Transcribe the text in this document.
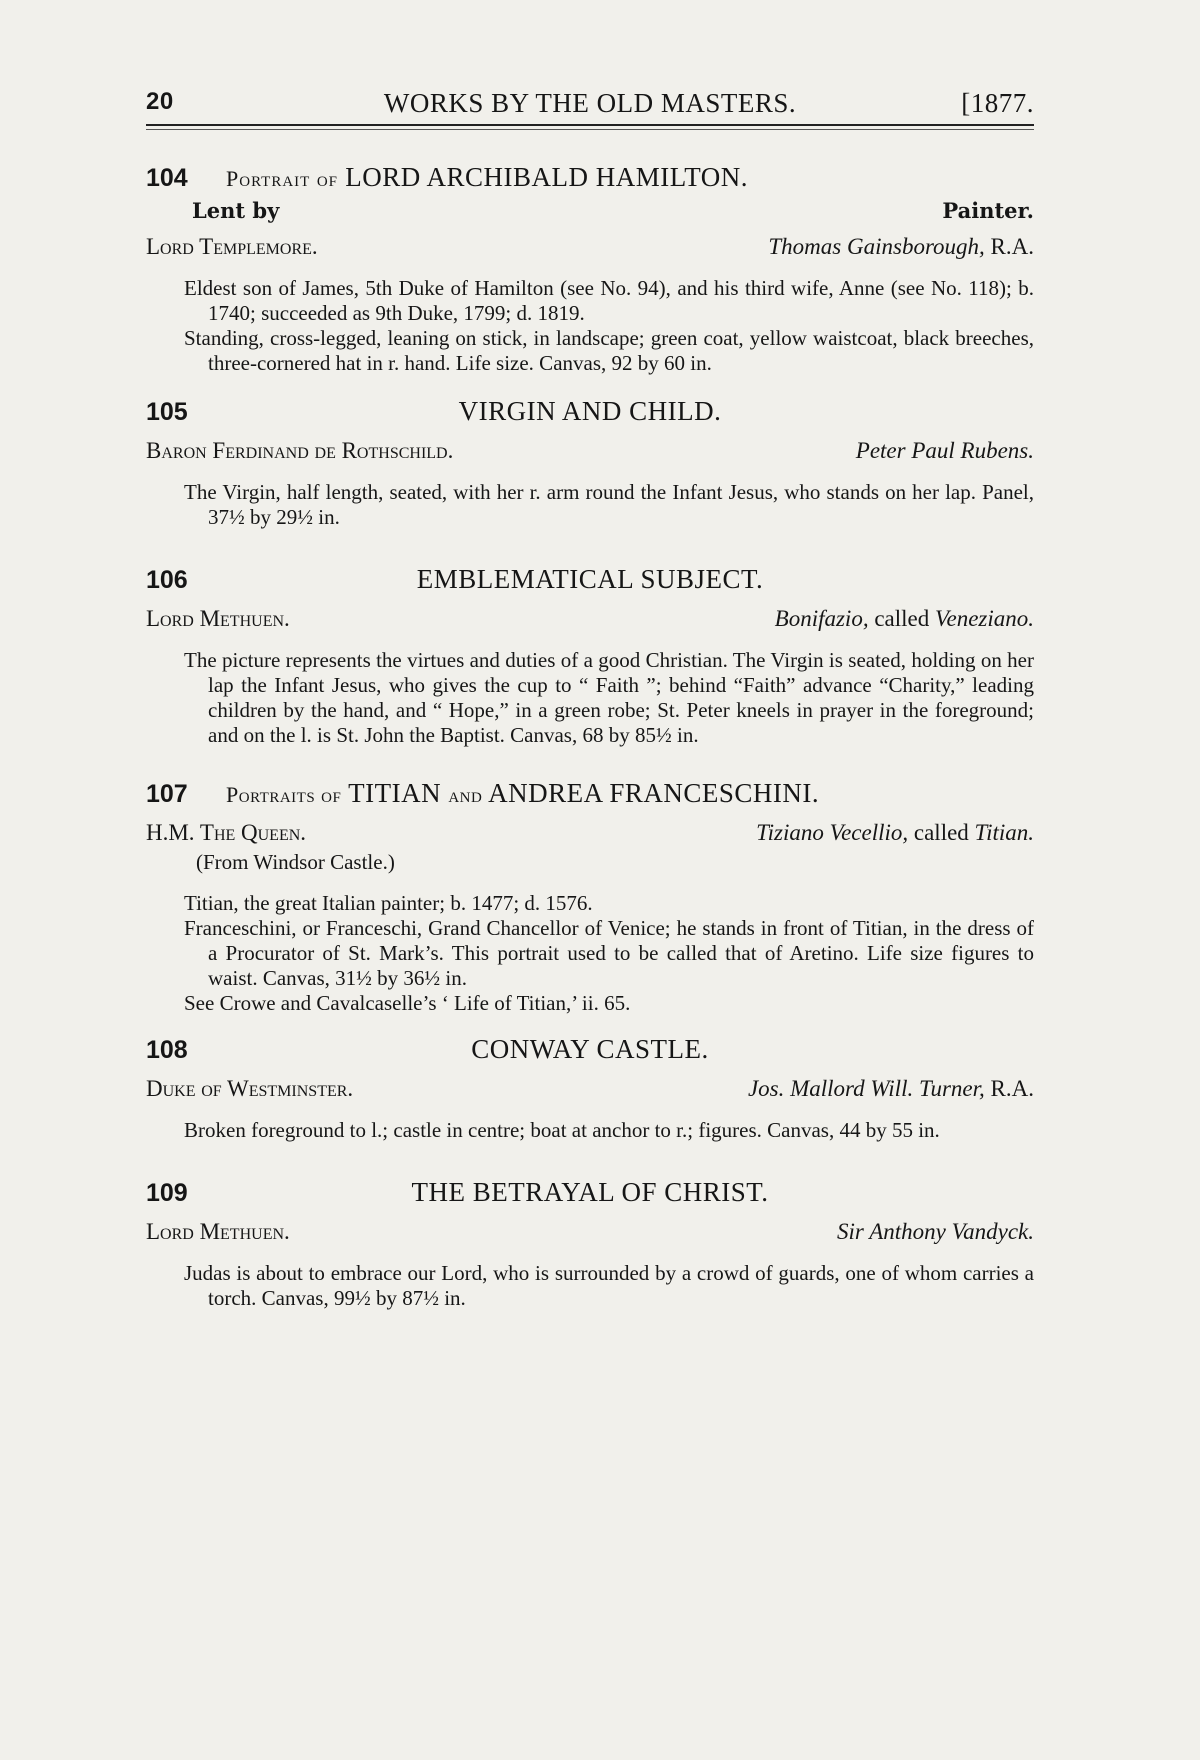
20	WORKS BY THE OLD MASTERS.	[1877.
104	Portrait of LORD ARCHIBALD HAMILTON.
Lent by	Painter.
Lord Templemore.	Thomas Gainsborough, R.A.

Eldest son of James, 5th Duke of Hamilton (see No. 94), and his third wife, Anne (see No. 118); b. 1740; succeeded as 9th Duke, 1799; d. 1819.

Standing, cross-legged, leaning on stick, in landscape; green coat, yellow waistcoat, black breeches, three-cornered hat in r. hand. Life size. Canvas, 92 by 60 in.

105	VIRGIN AND CHILD.
Baron Ferdinand de Rothschild.	Peter Paul Rubens.

The Virgin, half length, seated, with her r. arm round the Infant Jesus, who stands on her lap. Panel, 37½ by 29½ in.

106	EMBLEMATICAL SUBJECT.
Lord Methuen.	Bonifazio, called Veneziano.

The picture represents the virtues and duties of a good Christian. The Virgin is seated, holding on her lap the Infant Jesus, who gives the cup to “ Faith ”; behind “Faith” advance “Charity,” leading children by the hand, and “ Hope,” in a green robe; St. Peter kneels in prayer in the foreground; and on the l. is St. John the Baptist. Canvas, 68 by 85½ in.

107	Portraits of TITIAN and ANDREA FRANCESCHINI.
H.M. The Queen.	Tiziano Vecellio, called Titian.
(From Windsor Castle.)

Titian, the great Italian painter; b. 1477; d. 1576.

Franceschini, or Franceschi, Grand Chancellor of Venice; he stands in front of Titian, in the dress of a Procurator of St. Mark’s. This portrait used to be called that of Aretino. Life size figures to waist. Canvas, 31½ by 36½ in.

See Crowe and Cavalcaselle’s ‘ Life of Titian,’ ii. 65.

108	CONWAY CASTLE.
Duke of Westminster.	Jos. Mallord Will. Turner, R.A.

Broken foreground to l.; castle in centre; boat at anchor to r.; figures. Canvas, 44 by 55 in.

109	THE BETRAYAL OF CHRIST.
Lord Methuen.	Sir Anthony Vandyck.

Judas is about to embrace our Lord, who is surrounded by a crowd of guards, one of whom carries a torch. Canvas, 99½ by 87½ in.
